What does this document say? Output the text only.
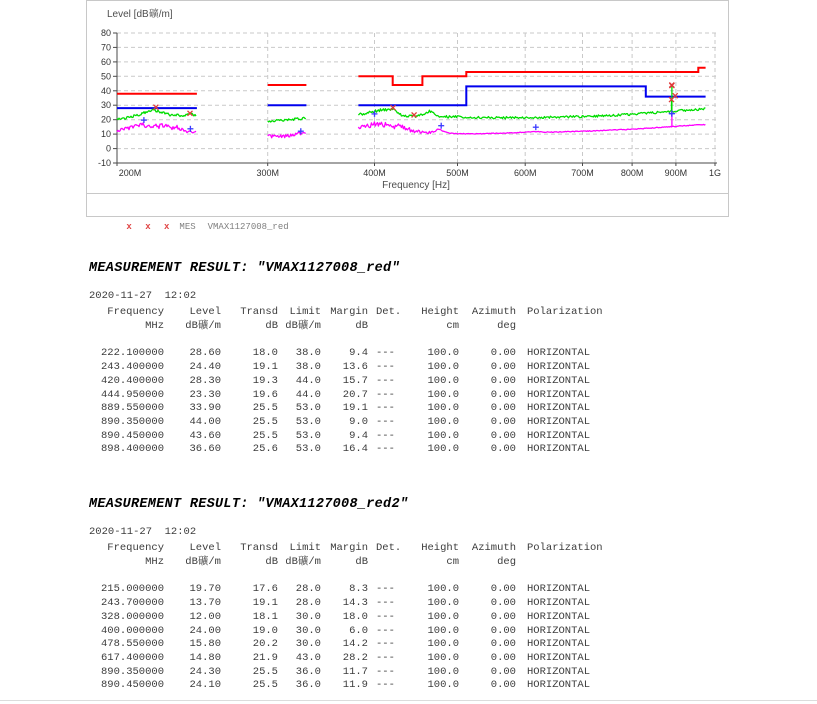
-10
0
10
20
30
40
50
60
70
80
200M	300M	400M	500M	600M	700M	800M 900M 1G
Level [dB礦/m]
Frequency [Hz]

x x x MES VMAX1127008_red

MEASUREMENT RESULT: "VMAX1127008_red"
2020-11-27  12:02
Frequency	Level	Transd	Limit	Margin	Det.	Height	Azimuth	Polarization
MHz	dB礦/m	dB	dB礦/m	dB		cm	deg	

222.100000	28.60	18.0	38.0	9.4	---	100.0	0.00	HORIZONTAL
243.400000	24.40	19.1	38.0	13.6	---	100.0	0.00	HORIZONTAL
420.400000	28.30	19.3	44.0	15.7	---	100.0	0.00	HORIZONTAL
444.950000	23.30	19.6	44.0	20.7	---	100.0	0.00	HORIZONTAL
889.550000	33.90	25.5	53.0	19.1	---	100.0	0.00	HORIZONTAL
890.350000	44.00	25.5	53.0	9.0	---	100.0	0.00	HORIZONTAL
890.450000	43.60	25.5	53.0	9.4	---	100.0	0.00	HORIZONTAL
898.400000	36.60	25.6	53.0	16.4	---	100.0	0.00	HORIZONTAL
MEASUREMENT RESULT: "VMAX1127008_red2"
2020-11-27  12:02
Frequency	Level	Transd	Limit	Margin	Det.	Height	Azimuth	Polarization
MHz	dB礦/m	dB	dB礦/m	dB		cm	deg	

215.000000	19.70	17.6	28.0	8.3	---	100.0	0.00	HORIZONTAL
243.700000	13.70	19.1	28.0	14.3	---	100.0	0.00	HORIZONTAL
328.000000	12.00	18.1	30.0	18.0	---	100.0	0.00	HORIZONTAL
400.000000	24.00	19.0	30.0	6.0	---	100.0	0.00	HORIZONTAL
478.550000	15.80	20.2	30.0	14.2	---	100.0	0.00	HORIZONTAL
617.400000	14.80	21.9	43.0	28.2	---	100.0	0.00	HORIZONTAL
890.350000	24.30	25.5	36.0	11.7	---	100.0	0.00	HORIZONTAL
890.450000	24.10	25.5	36.0	11.9	---	100.0	0.00	HORIZONTAL
